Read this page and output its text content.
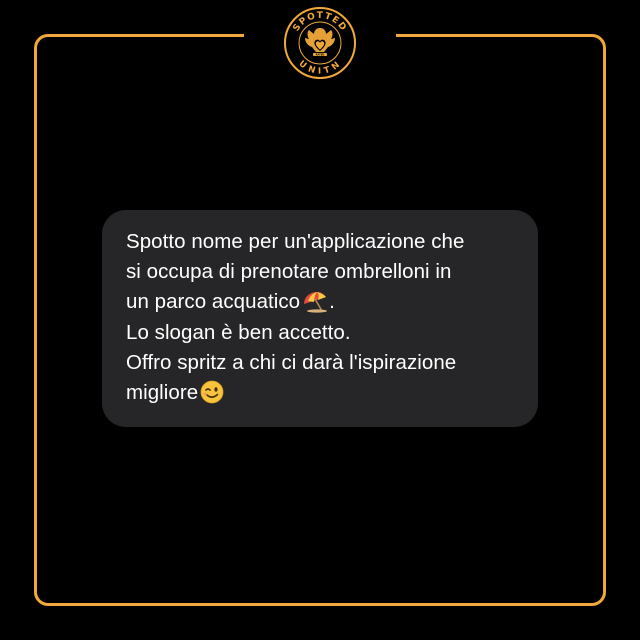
SPOTTED
UNITN
RATED

Spotto nome per un'applicazione che

si occupa di prenotare ombrelloni in

un parco acquatico .

Lo slogan è ben accetto.

Offro spritz a chi ci darà l'ispirazione

migliore
